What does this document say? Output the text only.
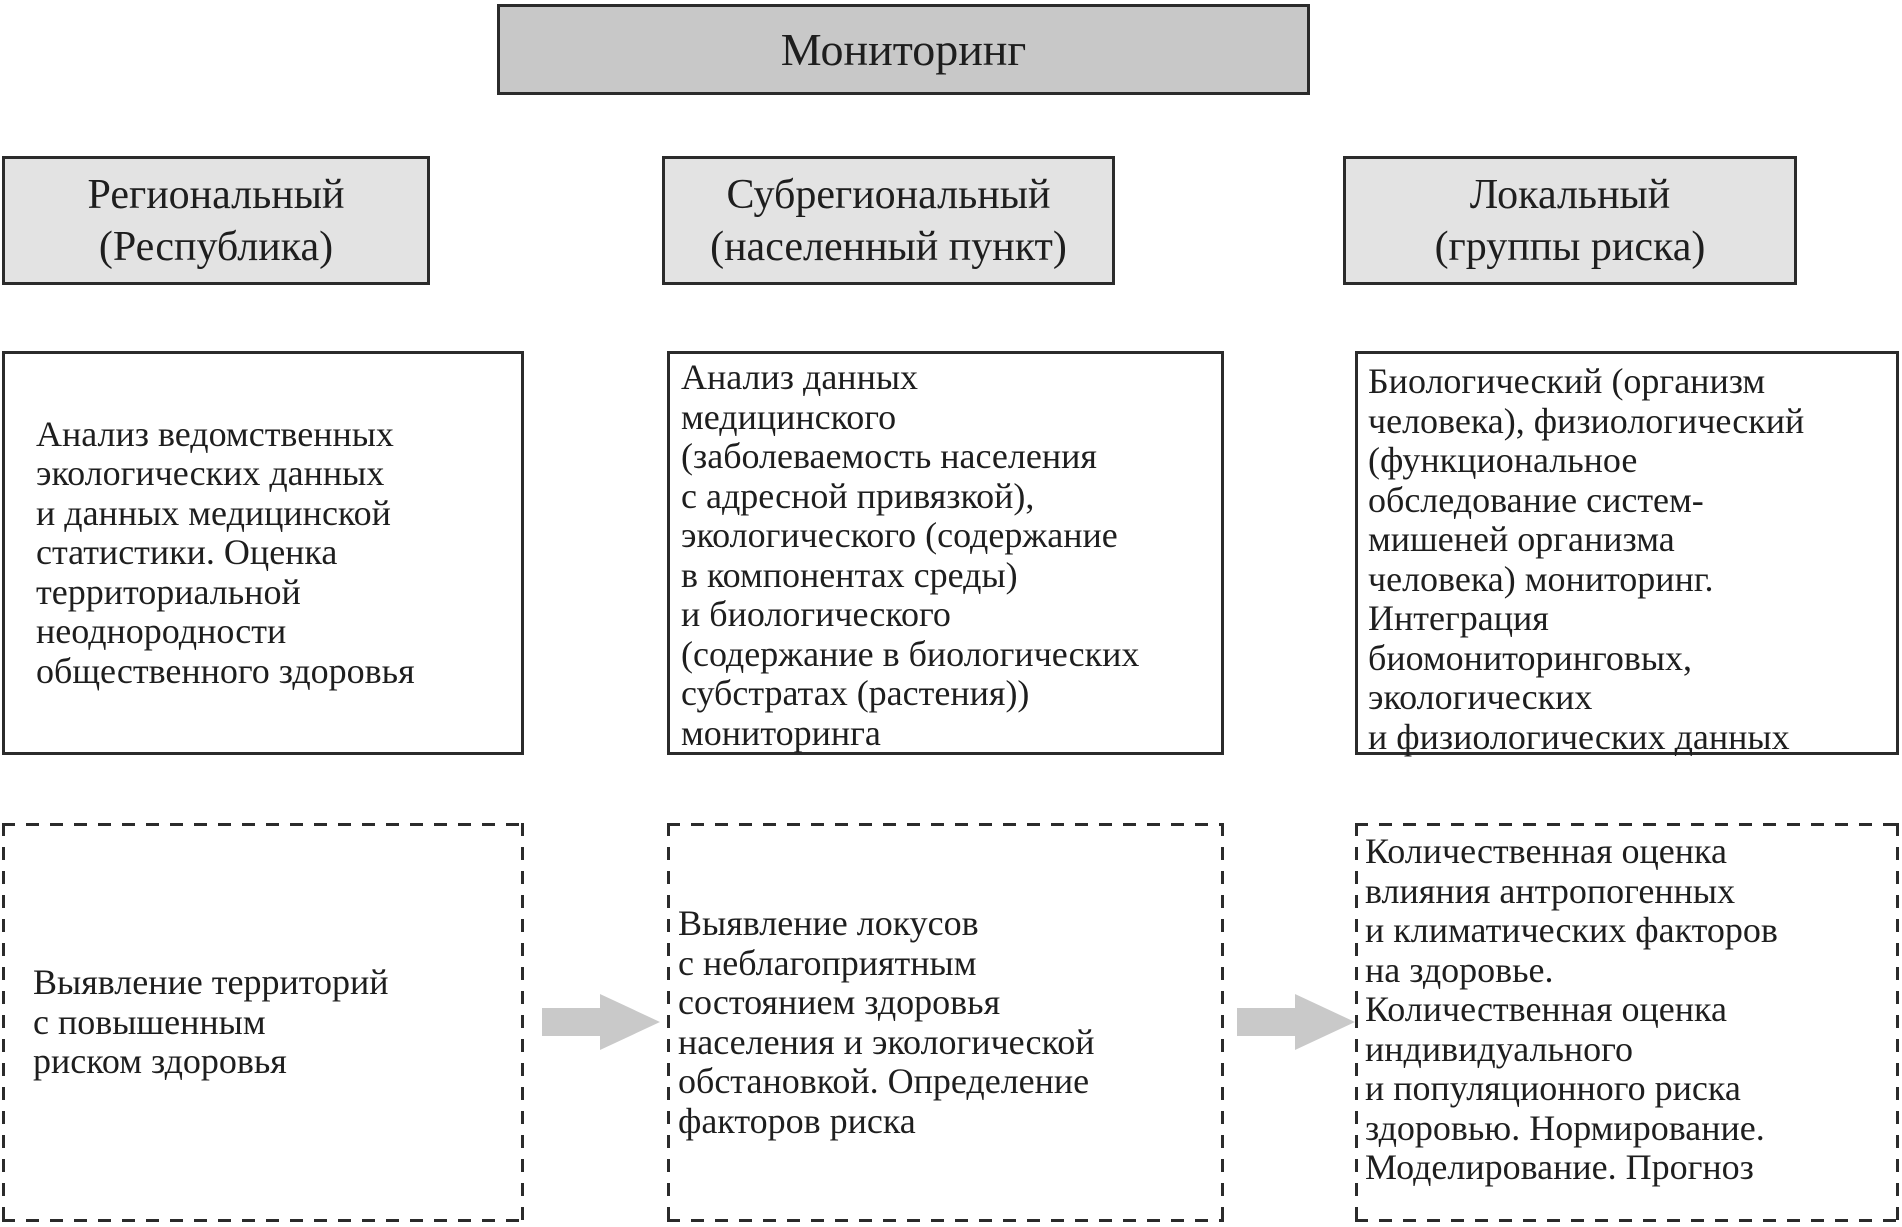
Мониторинг
Региональный
(Республика)
Субрегиональный
(населенный пункт)
Локальный
(группы риска)
Анализ ведомственных
экологических данных
и данных медицинской
статистики. Оценка
территориальной
неоднородности
общественного здоровья
Анализ данных
медицинского
(заболеваемость населения
с адресной привязкой),
экологического (содержание
в компонентах среды)
и биологического
(содержание в биологических
субстратах (растения))
мониторинга
Биологический (организм
человека), физиологический
(функциональное
обследование систем-
мишеней организма
человека) мониторинг.
Интеграция
биомониторинговых,
экологических
и физиологических данных
Выявление территорий
с повышенным
риском здоровья
Выявление локусов
с неблагоприятным
состоянием здоровья
населения и экологической
обстановкой. Определение
факторов риска
Количественная оценка
влияния антропогенных
и климатических факторов
на здоровье.
Количественная оценка
индивидуального
и популяционного риска
здоровью. Нормирование.
Моделирование. Прогноз
